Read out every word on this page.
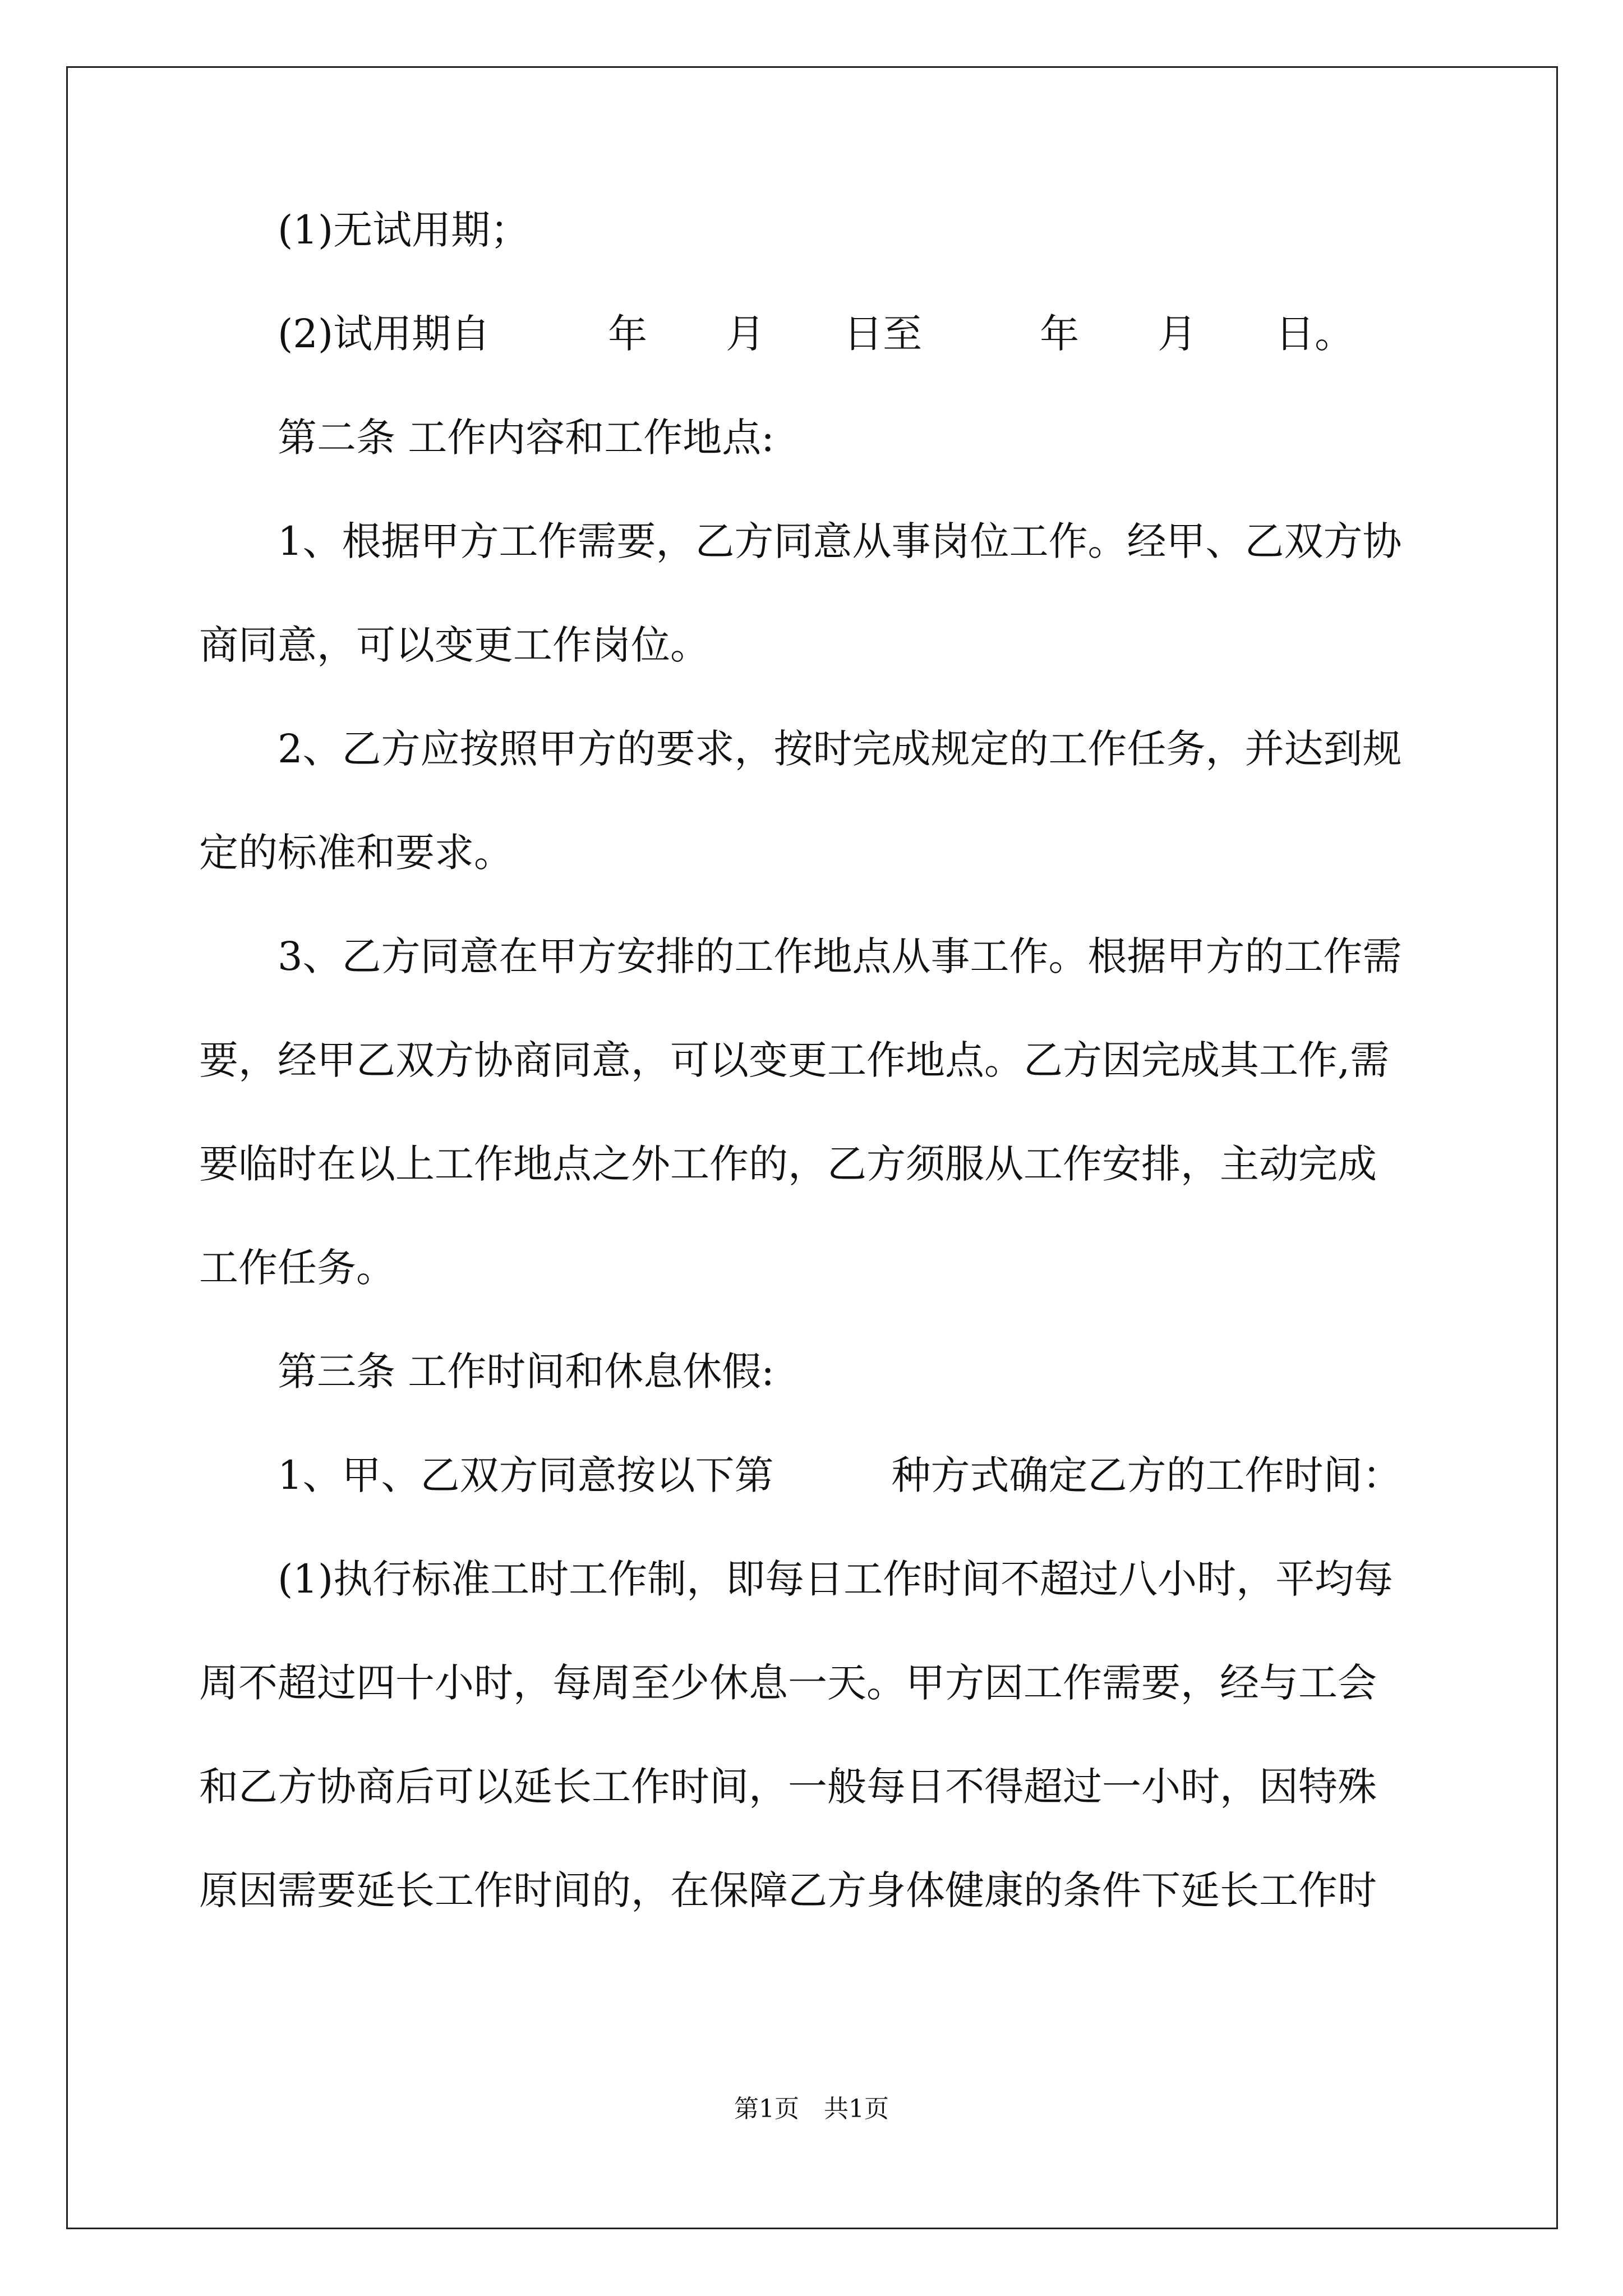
　　(1)无试用期；
　　(2)试用期自　　　年　　月　　日至　　　年　　月　　日。
　　第二条 工作内容和工作地点:
　　1、根据甲方工作需要，乙方同意从事岗位工作。经甲、乙双方协
商同意，可以变更工作岗位。
　　2、乙方应按照甲方的要求，按时完成规定的工作任务，并达到规
定的标准和要求。
　　3、乙方同意在甲方安排的工作地点从事工作。根据甲方的工作需
要，经甲乙双方协商同意，可以变更工作地点。乙方因完成其工作,需
要临时在以上工作地点之外工作的，乙方须服从工作安排，主动完成
工作任务。
　　第三条 工作时间和休息休假:
　　1、甲、乙双方同意按以下第　　　种方式确定乙方的工作时间：
　　(1)执行标准工时工作制，即每日工作时间不超过八小时，平均每
周不超过四十小时，每周至少休息一天。甲方因工作需要，经与工会
和乙方协商后可以延长工作时间，一般每日不得超过一小时，因特殊
原因需要延长工作时间的，在保障乙方身体健康的条件下延长工作时
第1页　共1页
